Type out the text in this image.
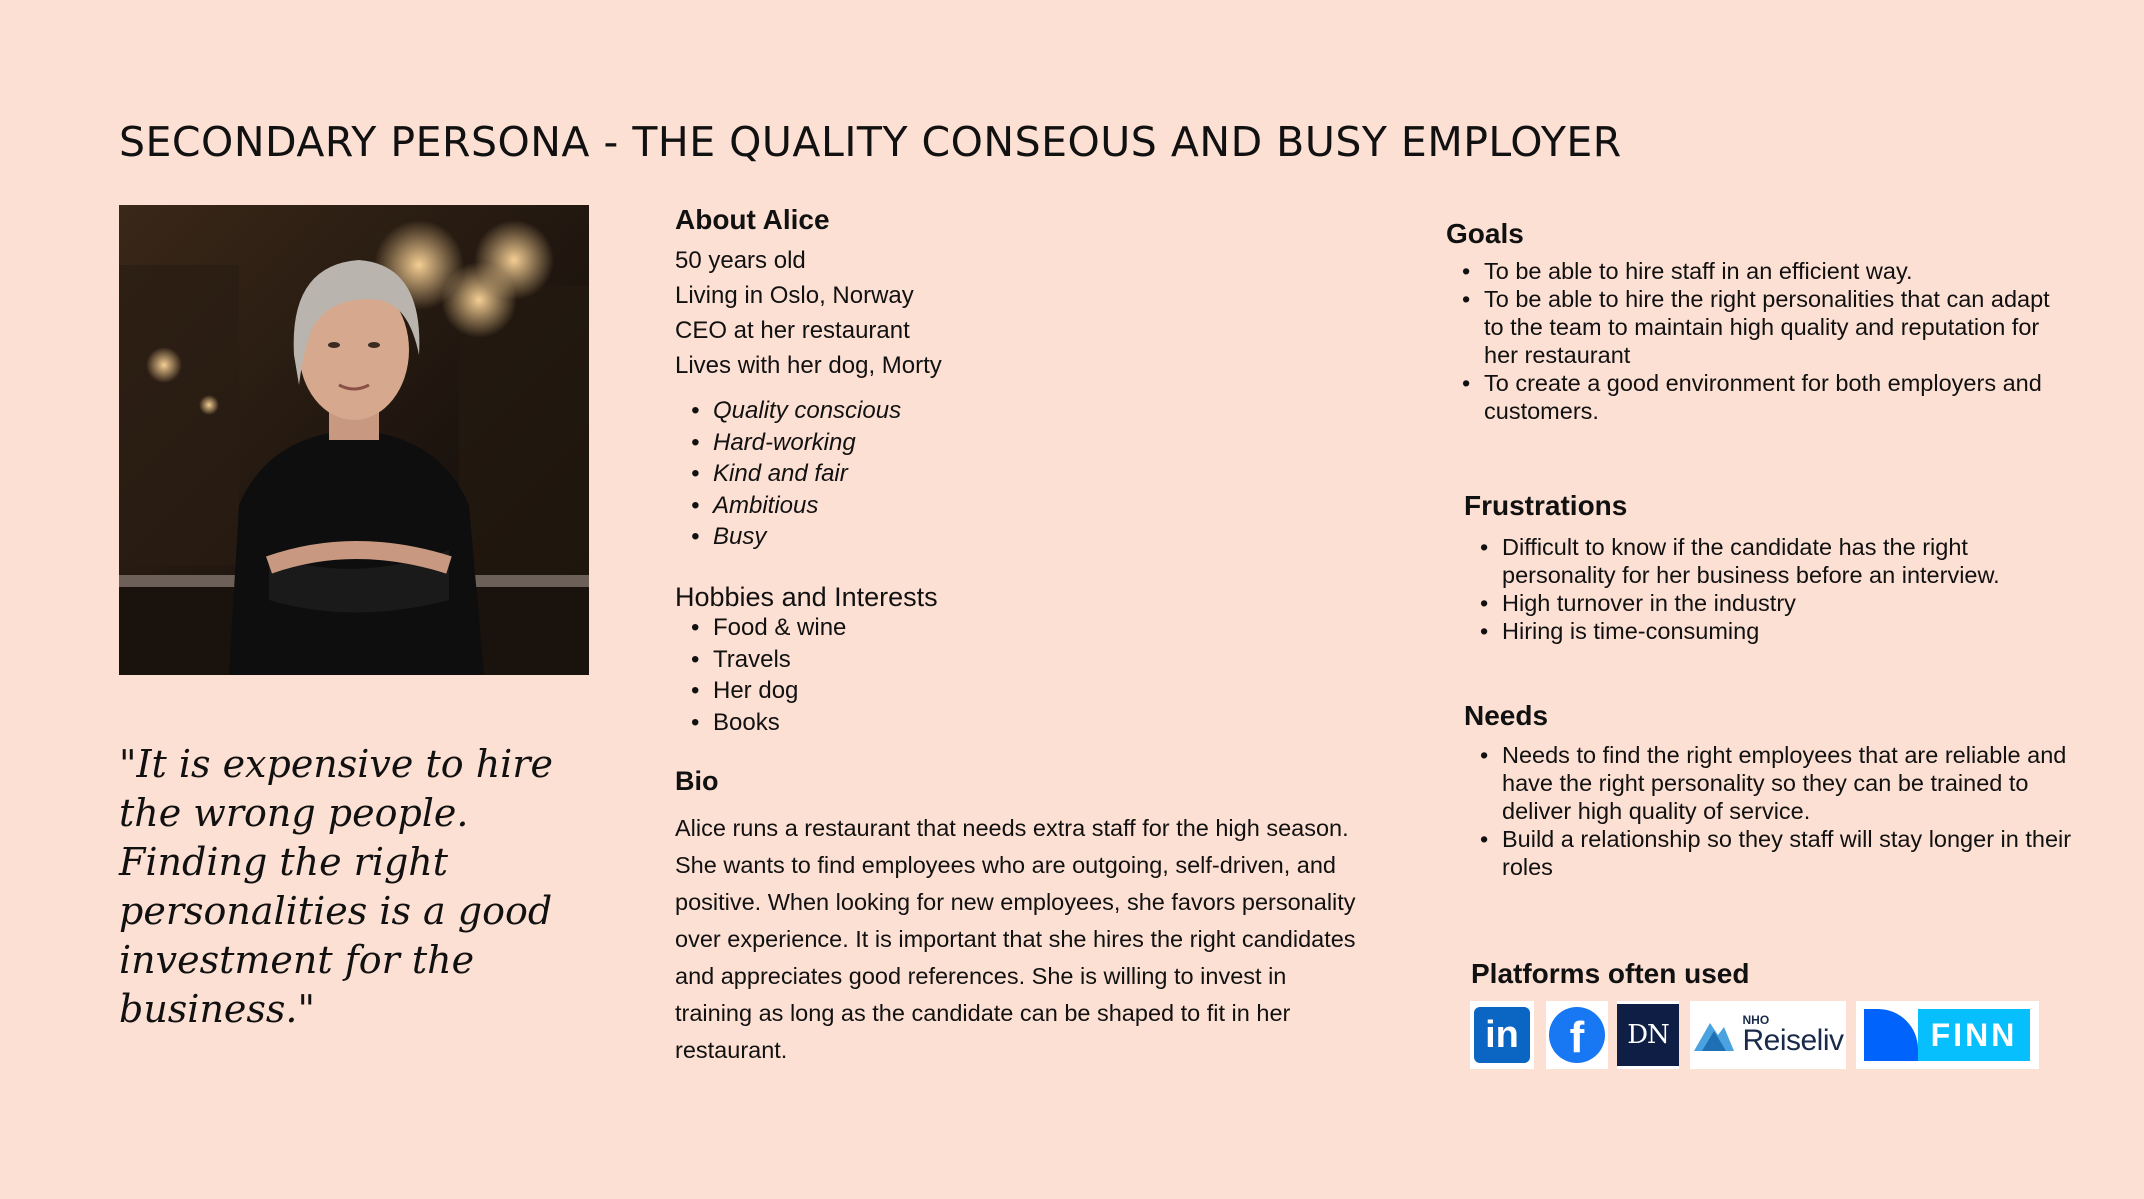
SECONDARY PERSONA - THE QUALITY CONSEOUS AND BUSY EMPLOYER

"It is expensive to hire the wrong people. Finding the right personalities is a good investment for the business."

About Alice
50 years old
Living in Oslo, Norway
CEO at her restaurant
Lives with her dog, Morty
• Quality conscious
• Hard-working
• Kind and fair
• Ambitious
• Busy
Hobbies and Interests
• Food & wine
• Travels
• Her dog
• Books
Bio

Alice runs a restaurant that needs extra staff for the high season. She wants to find employees who are outgoing, self-driven, and positive. When looking for new employees, she favors personality over experience. It is important that she hires the right candidates and appreciates good references. She is willing to invest in training as long as the candidate can be shaped to fit in her restaurant.

Goals
• To be able to hire staff in an efficient way.
• To be able to hire the right personalities that can adapt to the team to maintain high quality and reputation for her restaurant
• To create a good environment for both employers and customers.
Frustrations
• Difficult to know if the candidate has the right personality for her business before an interview.
• High turnover in the industry
• Hiring is time-consuming
Needs
• Needs to find the right employees that are reliable and have the right personality so they can be trained to deliver high quality of service.
• Build a relationship so they staff will stay longer in their roles
Platforms often used
in	f	DN	NHO
Reiseliv	FINN
